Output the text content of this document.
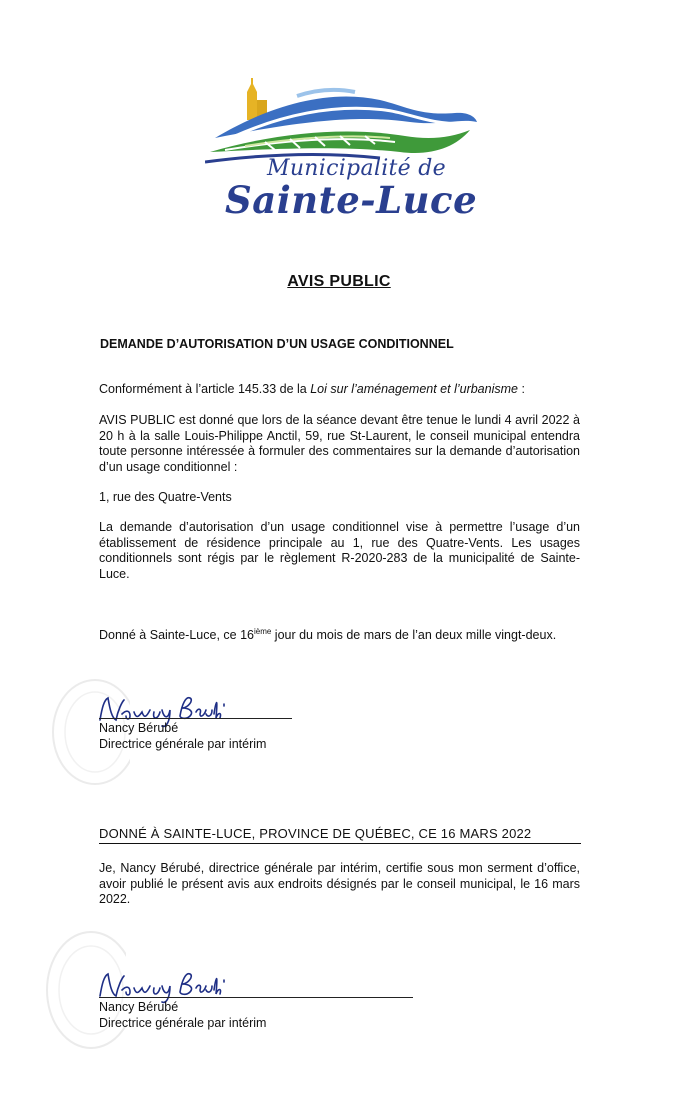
Municipalité de
Sainte-Luce
AVIS PUBLIC
DEMANDE D’AUTORISATION D’UN USAGE CONDITIONNEL
Conformément à l’article 145.33 de la Loi sur l’aménagement et l’urbanisme :
AVIS PUBLIC est donné que lors de la séance devant être tenue le lundi 4 avril 2022 à 20 h à la salle Louis-Philippe Anctil, 59, rue St-Laurent, le conseil municipal entendra toute personne intéressée à formuler des commentaires sur la demande d’autorisation d’un usage conditionnel :
1, rue des Quatre-Vents
La demande d’autorisation d’un usage conditionnel vise à permettre l’usage d’un établissement de résidence principale au 1, rue des Quatre-Vents. Les usages conditionnels sont régis par le règlement R-2020-283 de la municipalité de Sainte-Luce.
Donné à Sainte-Luce, ce 16ième jour du mois de mars de l’an deux mille vingt-deux.
Nancy Bérubé
Directrice générale par intérim
DONNÉ À SAINTE-LUCE, PROVINCE DE QUÉBEC, CE 16 MARS 2022
Je, Nancy Bérubé, directrice générale par intérim, certifie sous mon serment d’office, avoir publié le présent avis aux endroits désignés par le conseil municipal, le 16 mars 2022.
Nancy Bérubé
Directrice générale par intérim
